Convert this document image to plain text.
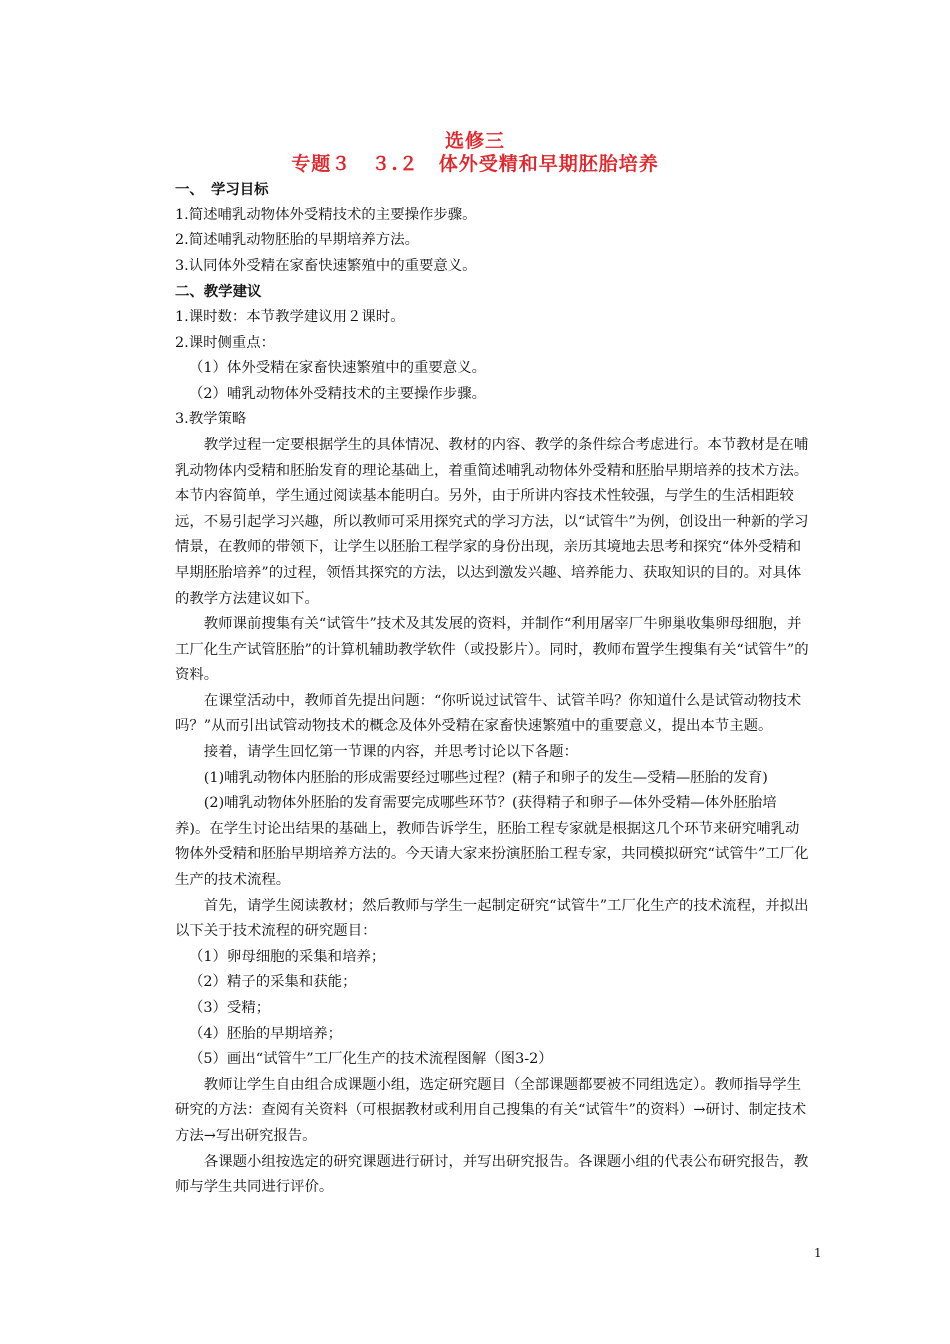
选修三
专题３　３.２　体外受精和早期胚胎培养

一、　学习目标

1.简述哺乳动物体外受精技术的主要操作步骤。

2.简述哺乳动物胚胎的早期培养方法。

3.认同体外受精在家畜快速繁殖中的重要意义。

二、教学建议

1.课时数：本节教学建议用２课时。

2.课时侧重点：

（1）体外受精在家畜快速繁殖中的重要意义。

（2）哺乳动物体外受精技术的主要操作步骤。

3.教学策略

教学过程一定要根据学生的具体情况、教材的内容、教学的条件综合考虑进行。本节教材是在哺乳动物体内受精和胚胎发育的理论基础上，着重简述哺乳动物体外受精和胚胎早期培养的技术方法。本节内容简单，学生通过阅读基本能明白。另外，由于所讲内容技术性较强，与学生的生活相距较远，不易引起学习兴趣，所以教师可采用探究式的学习方法，以“试管牛”为例，创设出一种新的学习情景，在教师的带领下，让学生以胚胎工程学家的身份出现，亲历其境地去思考和探究“体外受精和早期胚胎培养”的过程，领悟其探究的方法，以达到激发兴趣、培养能力、获取知识的目的。对具体的教学方法建议如下。

教师课前搜集有关“试管牛”技术及其发展的资料，并制作“利用屠宰厂牛卵巢收集卵母细胞，并工厂化生产试管胚胎”的计算机辅助教学软件（或投影片）。同时，教师布置学生搜集有关“试管牛”的资料。

在课堂活动中，教师首先提出问题：“你听说过试管牛、试管羊吗？你知道什么是试管动物技术吗？”从而引出试管动物技术的概念及体外受精在家畜快速繁殖中的重要意义，提出本节主题。

接着，请学生回忆第一节课的内容，并思考讨论以下各题：

(1)哺乳动物体内胚胎的形成需要经过哪些过程？(精子和卵子的发生—受精—胚胎的发育)

(2)哺乳动物体外胚胎的发育需要完成哪些环节？(获得精子和卵子—体外受精—体外胚胎培养)。在学生讨论出结果的基础上，教师告诉学生，胚胎工程专家就是根据这几个环节来研究哺乳动物体外受精和胚胎早期培养方法的。今天请大家来扮演胚胎工程专家，共同模拟研究“试管牛”工厂化生产的技术流程。

首先，请学生阅读教材；然后教师与学生一起制定研究“试管牛”工厂化生产的技术流程，并拟出以下关于技术流程的研究题目：

（1）卵母细胞的采集和培养；

（2）精子的采集和获能；

（3）受精；

（4）胚胎的早期培养；

（5）画出“试管牛”工厂化生产的技术流程图解（图3-2）

教师让学生自由组合成课题小组，选定研究题目（全部课题都要被不同组选定）。教师指导学生研究的方法：查阅有关资料（可根据教材或利用自己搜集的有关“试管牛”的资料）→研讨、制定技术方法→写出研究报告。

各课题小组按选定的研究课题进行研讨，并写出研究报告。各课题小组的代表公布研究报告，教师与学生共同进行评价。

1
